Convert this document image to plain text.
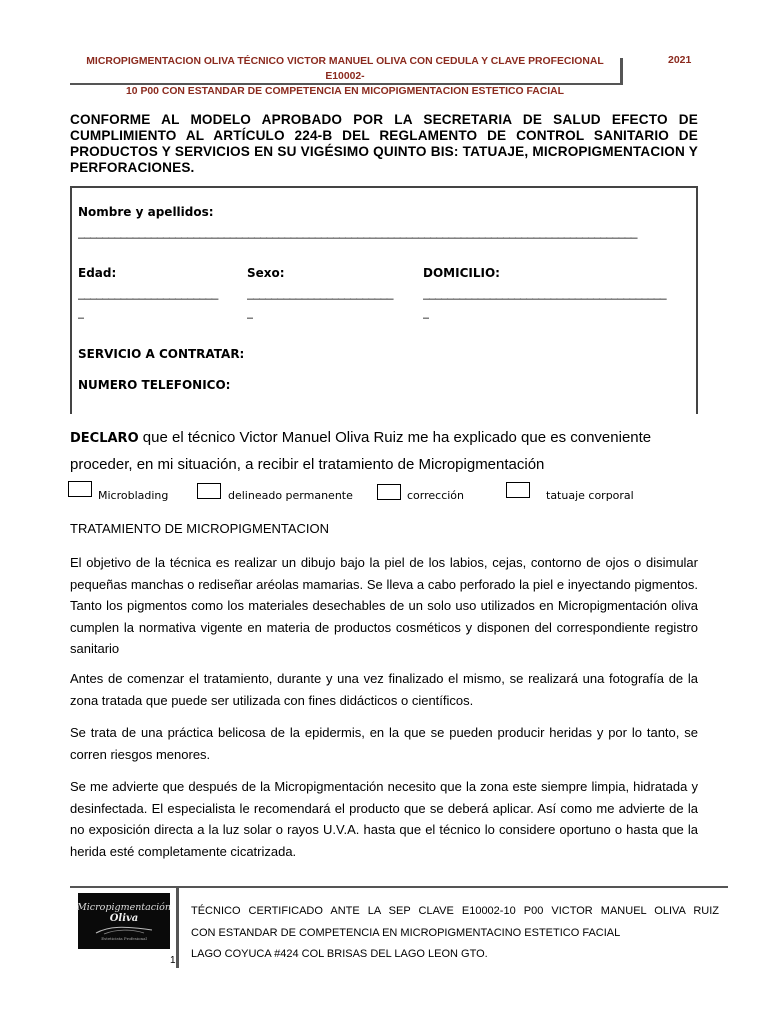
MICROPIGMENTACION OLIVA TÉCNICO VICTOR MANUEL OLIVA CON CEDULA Y CLAVE PROFECIONAL E10002-
10 P00 CON ESTANDAR DE COMPETENCIA EN MICOPIGMENTACION ESTETICO FACIAL
2021
CONFORME AL MODELO APROBADO POR LA SECRETARIA DE SALUD EFECTO DE CUMPLIMIENTO AL ARTÍCULO 224-B DEL REGLAMENTO DE CONTROL SANITARIO DE PRODUCTOS Y SERVICIOS EN SU VIGÉSIMO QUINTO BIS: TATUAJE, MICROPIGMENTACION Y PERFORACIONES.
Nombre y apellidos:
____________________________________________________________________________________________
Edad:	Sexo:	DOMICILIO:
_______________________	________________________	________________________________________
_	_	_
SERVICIO A CONTRATAR:
NUMERO TELEFONICO:
DECLARO que el técnico Victor Manuel Oliva Ruiz me ha explicado que es conveniente
proceder, en mi situación, a recibir el tratamiento de Micropigmentación
Microblading	delineado permanente	corrección	tatuaje corporal
TRATAMIENTO DE MICROPIGMENTACION
El objetivo de la técnica es realizar un dibujo bajo la piel de los labios, cejas, contorno de ojos o disimular pequeñas manchas o rediseñar aréolas mamarias. Se lleva a cabo perforado la piel e inyectando pigmentos. Tanto los pigmentos como los materiales desechables de un solo uso utilizados en Micropigmentación oliva cumplen la normativa vigente en materia de productos cosméticos y disponen del correspondiente registro sanitario
Antes de comenzar el tratamiento, durante y una vez finalizado el mismo, se realizará una fotografía de la zona tratada que puede ser utilizada con fines didácticos o científicos.
Se trata de una práctica belicosa de la epidermis, en la que se pueden producir heridas y por lo tanto, se corren riesgos menores.
Se me advierte que después de la Micropigmentación necesito que la zona este siempre limpia, hidratada y desinfectada. El especialista le recomendará el producto que se deberá aplicar. Así como me advierte de la no exposición directa a la luz solar o rayos U.V.A. hasta que el técnico lo considere oportuno o hasta que la herida esté completamente cicatrizada.
Micropigmentación
Oliva
Esteticista Profesional
1
TÉCNICO CERTIFICADO ANTE LA SEP CLAVE E10002-10 P00 VICTOR MANUEL OLIVA RUIZ
CON ESTANDAR DE COMPETENCIA EN MICROPIGMENTACINO ESTETICO FACIAL
LAGO COYUCA #424 COL BRISAS DEL LAGO LEON GTO.
